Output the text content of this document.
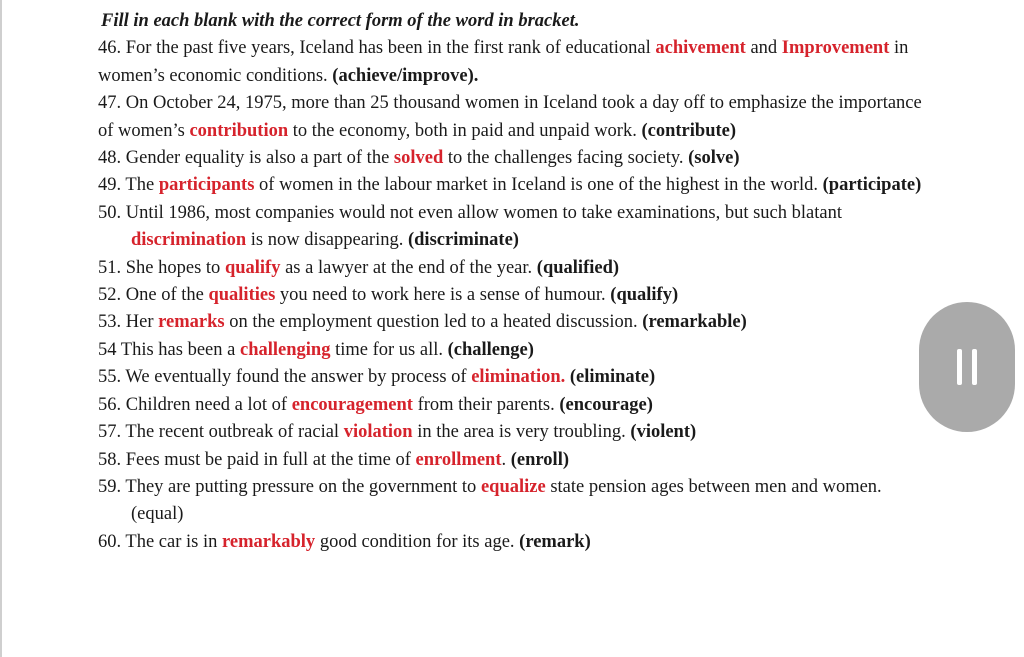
Fill in each blank with the correct form of the word in bracket.

46. For the past five years, Iceland has been in the first rank of educational achivement and Improvement in women’s economic conditions. (achieve/improve).

47. On October 24, 1975, more than 25 thousand women in Iceland took a day off to emphasize the importance of women’s contribution to the economy, both in paid and unpaid work. (contribute)

48. Gender equality is also a part of the solved to the challenges facing society. (solve)

49. The participants of women in the labour market in Iceland is one of the highest in the world. (participate)

50. Until 1986, most companies would not even allow women to take examinations, but such blatant discrimination is now disappearing. (discriminate)

51. She hopes to qualify as a lawyer at the end of the year. (qualified)

52. One of the qualities you need to work here is a sense of humour. (qualify)

53. Her remarks on the employment question led to a heated discussion. (remarkable)

54 This has been a challenging time for us all. (challenge)

55. We eventually found the answer by process of elimination. (eliminate)

56. Children need a lot of encouragement from their parents. (encourage)

57. The recent outbreak of racial violation in the area is very troubling. (violent)

58. Fees must be paid in full at the time of enrollment. (enroll)

59. They are putting pressure on the government to equalize state pension ages between men and women. (equal)

60. The car is in remarkably good condition for its age. (remark)
